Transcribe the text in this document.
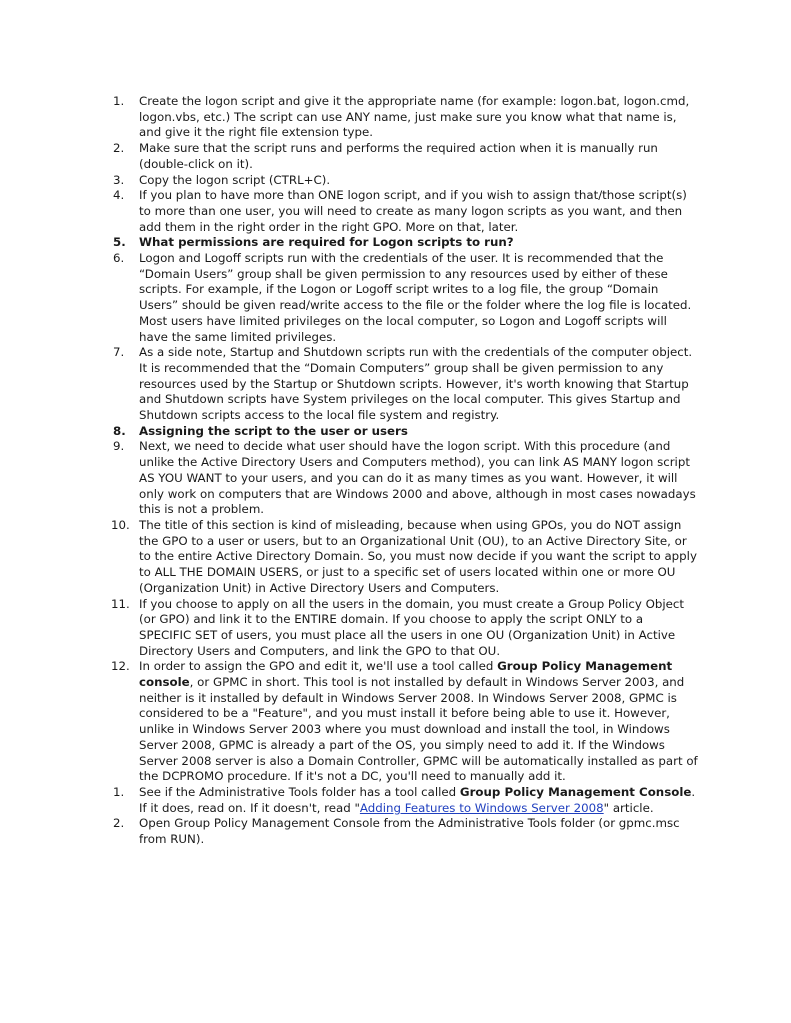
1. Create the logon script and give it the appropriate name (for example: logon.bat, logon.cmd, logon.vbs, etc.) The script can use ANY name, just make sure you know what that name is, and give it the right file extension type.
2. Make sure that the script runs and performs the required action when it is manually run (double-click on it).
3. Copy the logon script (CTRL+C).
4. If you plan to have more than ONE logon script, and if you wish to assign that/those script(s) to more than one user, you will need to create as many logon scripts as you want, and then add them in the right order in the right GPO. More on that, later.
5. What permissions are required for Logon scripts to run?
6. Logon and Logoff scripts run with the credentials of the user. It is recommended that the “Domain Users” group shall be given permission to any resources used by either of these scripts. For example, if the Logon or Logoff script writes to a log file, the group “Domain Users” should be given read/write access to the file or the folder where the log file is located. Most users have limited privileges on the local computer, so Logon and Logoff scripts will have the same limited privileges.
7. As a side note, Startup and Shutdown scripts run with the credentials of the computer object. It is recommended that the “Domain Computers” group shall be given permission to any resources used by the Startup or Shutdown scripts. However, it's worth knowing that Startup and Shutdown scripts have System privileges on the local computer. This gives Startup and Shutdown scripts access to the local file system and registry.
8. Assigning the script to the user or users
9. Next, we need to decide what user should have the logon script. With this procedure (and unlike the Active Directory Users and Computers method), you can link AS MANY logon script AS YOU WANT to your users, and you can do it as many times as you want. However, it will only work on computers that are Windows 2000 and above, although in most cases nowadays this is not a problem.
10. The title of this section is kind of misleading, because when using GPOs, you do NOT assign the GPO to a user or users, but to an Organizational Unit (OU), to an Active Directory Site, or to the entire Active Directory Domain. So, you must now decide if you want the script to apply to ALL THE DOMAIN USERS, or just to a specific set of users located within one or more OU (Organization Unit) in Active Directory Users and Computers.
11. If you choose to apply on all the users in the domain, you must create a Group Policy Object (or GPO) and link it to the ENTIRE domain. If you choose to apply the script ONLY to a SPECIFIC SET of users, you must place all the users in one OU (Organization Unit) in Active Directory Users and Computers, and link the GPO to that OU.
12. In order to assign the GPO and edit it, we'll use a tool called Group Policy Management console, or GPMC in short. This tool is not installed by default in Windows Server 2003, and neither is it installed by default in Windows Server 2008. In Windows Server 2008, GPMC is considered to be a "Feature", and you must install it before being able to use it. However, unlike in Windows Server 2003 where you must download and install the tool, in Windows Server 2008, GPMC is already a part of the OS, you simply need to add it. If the Windows Server 2008 server is also a Domain Controller, GPMC will be automatically installed as part of the DCPROMO procedure. If it's not a DC, you'll need to manually add it.
1. See if the Administrative Tools folder has a tool called Group Policy Management Console. If it does, read on. If it doesn't, read "Adding Features to Windows Server 2008" article.
2. Open Group Policy Management Console from the Administrative Tools folder (or gpmc.msc from RUN).
